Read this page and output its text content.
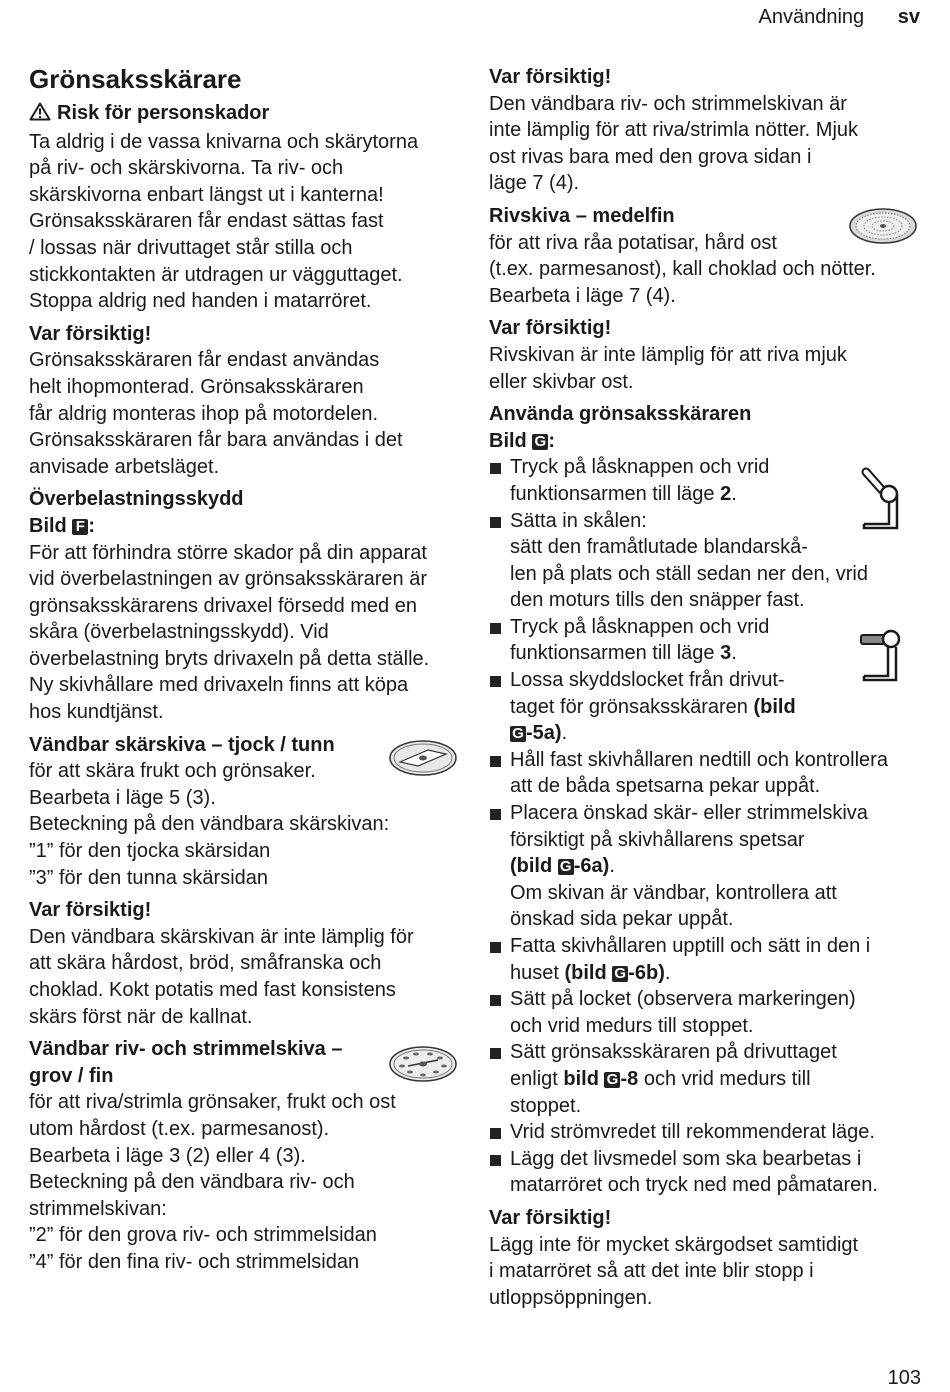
Användning sv
Grönsaksskärare

Risk för personskador

Ta aldrig i de vassa knivarna och skärytorna

på riv- och skärskivorna. Ta riv- och

skärskivorna enbart längst ut i kanterna!

Grönsaksskäraren får endast sättas fast

/ lossas när drivuttaget står stilla och

stickkontakten är utdragen ur vägguttaget.

Stoppa aldrig ned handen i matarröret.

Var försiktig!

Grönsaksskäraren får endast användas

helt ihopmonterad. Grönsaksskäraren

får aldrig monteras ihop på motordelen.

Grönsaksskäraren får bara användas i det

anvisade arbetsläget.

Överbelastningsskydd

Bild F :

För att förhindra större skador på din apparat

vid överbelastningen av grönsaksskäraren är

grönsaksskärarens drivaxel försedd med en

skåra (överbelastningsskydd). Vid

överbelastning bryts drivaxeln på detta ställe.

Ny skivhållare med drivaxeln finns att köpa

hos kundtjänst.

Vändbar skärskiva – tjock / tunn

för att skära frukt och grönsaker.

Bearbeta i läge 5 (3).

Beteckning på den vändbara skärskivan:

”1” för den tjocka skärsidan

”3” för den tunna skärsidan

Var försiktig!

Den vändbara skärskivan är inte lämplig för

att skära hårdost, bröd, småfranska och

choklad. Kokt potatis med fast konsistens

skärs först när de kallnat.

Vändbar riv- och strimmelskiva –

grov / fin

för att riva/strimla grönsaker, frukt och ost

utom hårdost (t.ex. parmesanost).

Bearbeta i läge 3 (2) eller 4 (3).

Beteckning på den vändbara riv- och

strimmelskivan:

”2” för den grova riv- och strimmelsidan

”4” för den fina riv- och strimmelsidan

Var försiktig!

Den vändbara riv- och strimmelskivan är

inte lämplig för att riva/strimla nötter. Mjuk

ost rivas bara med den grova sidan i

läge 7 (4).

Rivskiva – medelfin

för att riva råa potatisar, hård ost

(t.ex. parmesanost), kall choklad och nötter.

Bearbeta i läge 7 (4).

Var försiktig!

Rivskivan är inte lämplig för att riva mjuk

eller skivbar ost.

Använda grönsaksskäraren

Bild G :

Tryck på låsknappen och vrid

funktionsarmen till läge 2.

Sätta in skålen:

sätt den framåtlutade blandarskå-

len på plats och ställ sedan ner den, vrid

den moturs tills den snäpper fast.

Tryck på låsknappen och vrid

funktionsarmen till läge 3.

Lossa skyddslocket från drivut-

taget för grönsaksskäraren (bild

G -5a).

Håll fast skivhållaren nedtill och kontrollera

att de båda spetsarna pekar uppåt.

Placera önskad skär- eller strimmelskiva

försiktigt på skivhållarens spetsar

(bild G -6a).

Om skivan är vändbar, kontrollera att

önskad sida pekar uppåt.

Fatta skivhållaren upptill och sätt in den i

huset (bild G -6b).

Sätt på locket (observera markeringen)

och vrid medurs till stoppet.

Sätt grönsaksskäraren på drivuttaget

enligt bild G -8 och vrid medurs till

stoppet.

Vrid strömvredet till rekommenderat läge.

Lägg det livsmedel som ska bearbetas i

matarröret och tryck ned med påmataren.

Var försiktig!

Lägg inte för mycket skärgodset samtidigt

i matarröret så att det inte blir stopp i

utloppsöppningen.

103
